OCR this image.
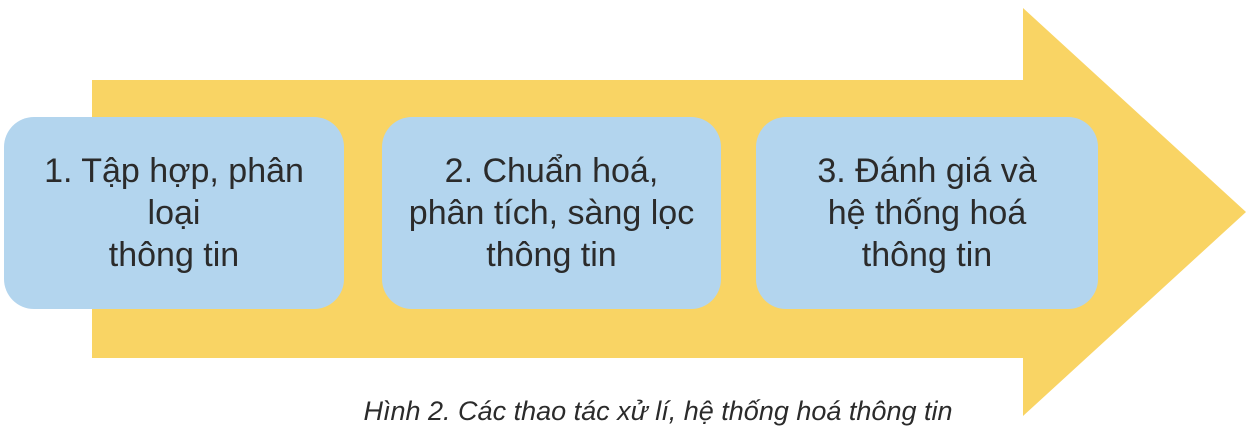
1. Tập hợp, phân loại
thông tin
2. Chuẩn hoá,
phân tích, sàng lọc
thông tin
3. Đánh giá và
hệ thống hoá
thông tin
Hình 2. Các thao tác xử lí, hệ thống hoá thông tin
